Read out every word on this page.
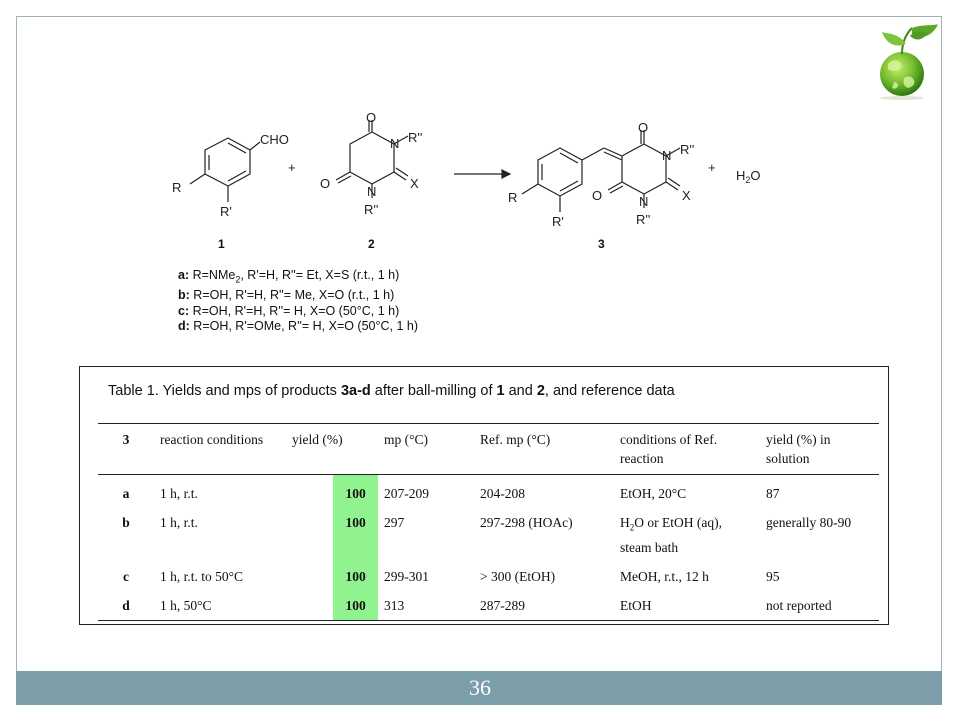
CHO
R
R'
1
+
O
O
N
N
R''
R''
X
2
O
O
N
N
R''
R''
X
R
R'
3
+
$H_2O$
a: R=NMe$_2$, R'=H, R''= Et, X=S (r.t., 1 h)
b: R=OH, R'=H, R''= Me, X=O (r.t., 1 h)
c: R=OH, R'=H, R''= H, X=O (50°C, 1 h)
d: R=OH, R'=OMe, R''= H, X=O (50°C, 1 h)
Table 1. Yields and mps of products 3a-d after ball-milling of 1 and 2, and reference data
3	reaction conditions	yield (%)		mp (°C)	Ref. mp (°C)	conditions of Ref. reaction	yield (%) in solution
a	1 h, r.t.		100	207-209	204-208	EtOH, 20°C	87
b	1 h, r.t.		100	297	297-298 (HOAc)	$H_2O$ or EtOH (aq), steam bath	generally 80-90
c	1 h, r.t. to 50°C		100	299-301	> 300 (EtOH)	MeOH, r.t., 12 h	95
d	1 h, 50°C		100	313	287-289	EtOH	not reported
36
